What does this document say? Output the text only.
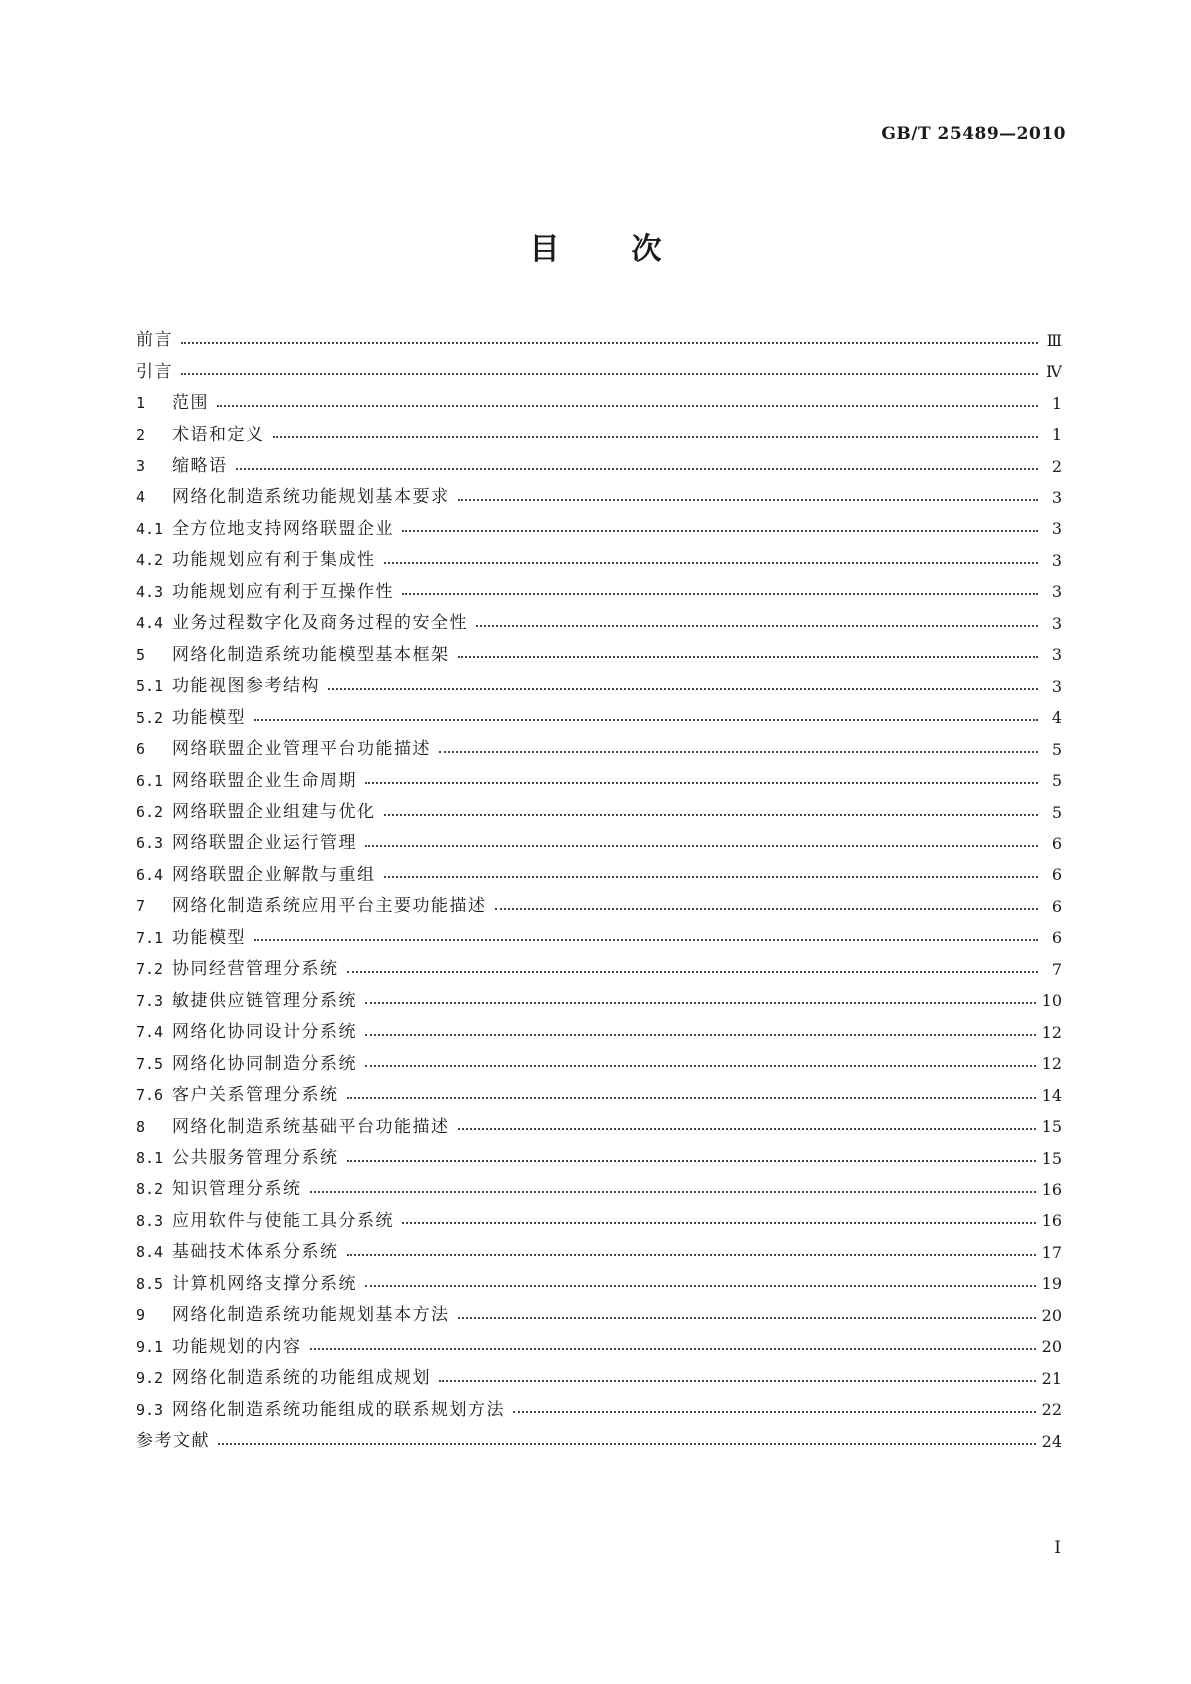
GB/T 25489—2010
目次
前言	Ⅲ
引言	Ⅳ
1	范围	1
2	术语和定义	1
3	缩略语	2
4	网络化制造系统功能规划基本要求	3
4.1 全方位地支持网络联盟企业	3
4.2 功能规划应有利于集成性	3
4.3 功能规划应有利于互操作性	3
4.4 业务过程数字化及商务过程的安全性	3
5	网络化制造系统功能模型基本框架	3
5.1 功能视图参考结构	3
5.2 功能模型	4
6	网络联盟企业管理平台功能描述	5
6.1 网络联盟企业生命周期	5
6.2 网络联盟企业组建与优化	5
6.3 网络联盟企业运行管理	6
6.4 网络联盟企业解散与重组	6
7	网络化制造系统应用平台主要功能描述	6
7.1 功能模型	6
7.2 协同经营管理分系统	7
7.3 敏捷供应链管理分系统	10
7.4 网络化协同设计分系统	12
7.5 网络化协同制造分系统	12
7.6 客户关系管理分系统	14
8	网络化制造系统基础平台功能描述	15
8.1 公共服务管理分系统	15
8.2 知识管理分系统	16
8.3 应用软件与使能工具分系统	16
8.4 基础技术体系分系统	17
8.5 计算机网络支撑分系统	19
9	网络化制造系统功能规划基本方法	20
9.1 功能规划的内容	20
9.2 网络化制造系统的功能组成规划	21
9.3 网络化制造系统功能组成的联系规划方法	22
参考文献	24
I
